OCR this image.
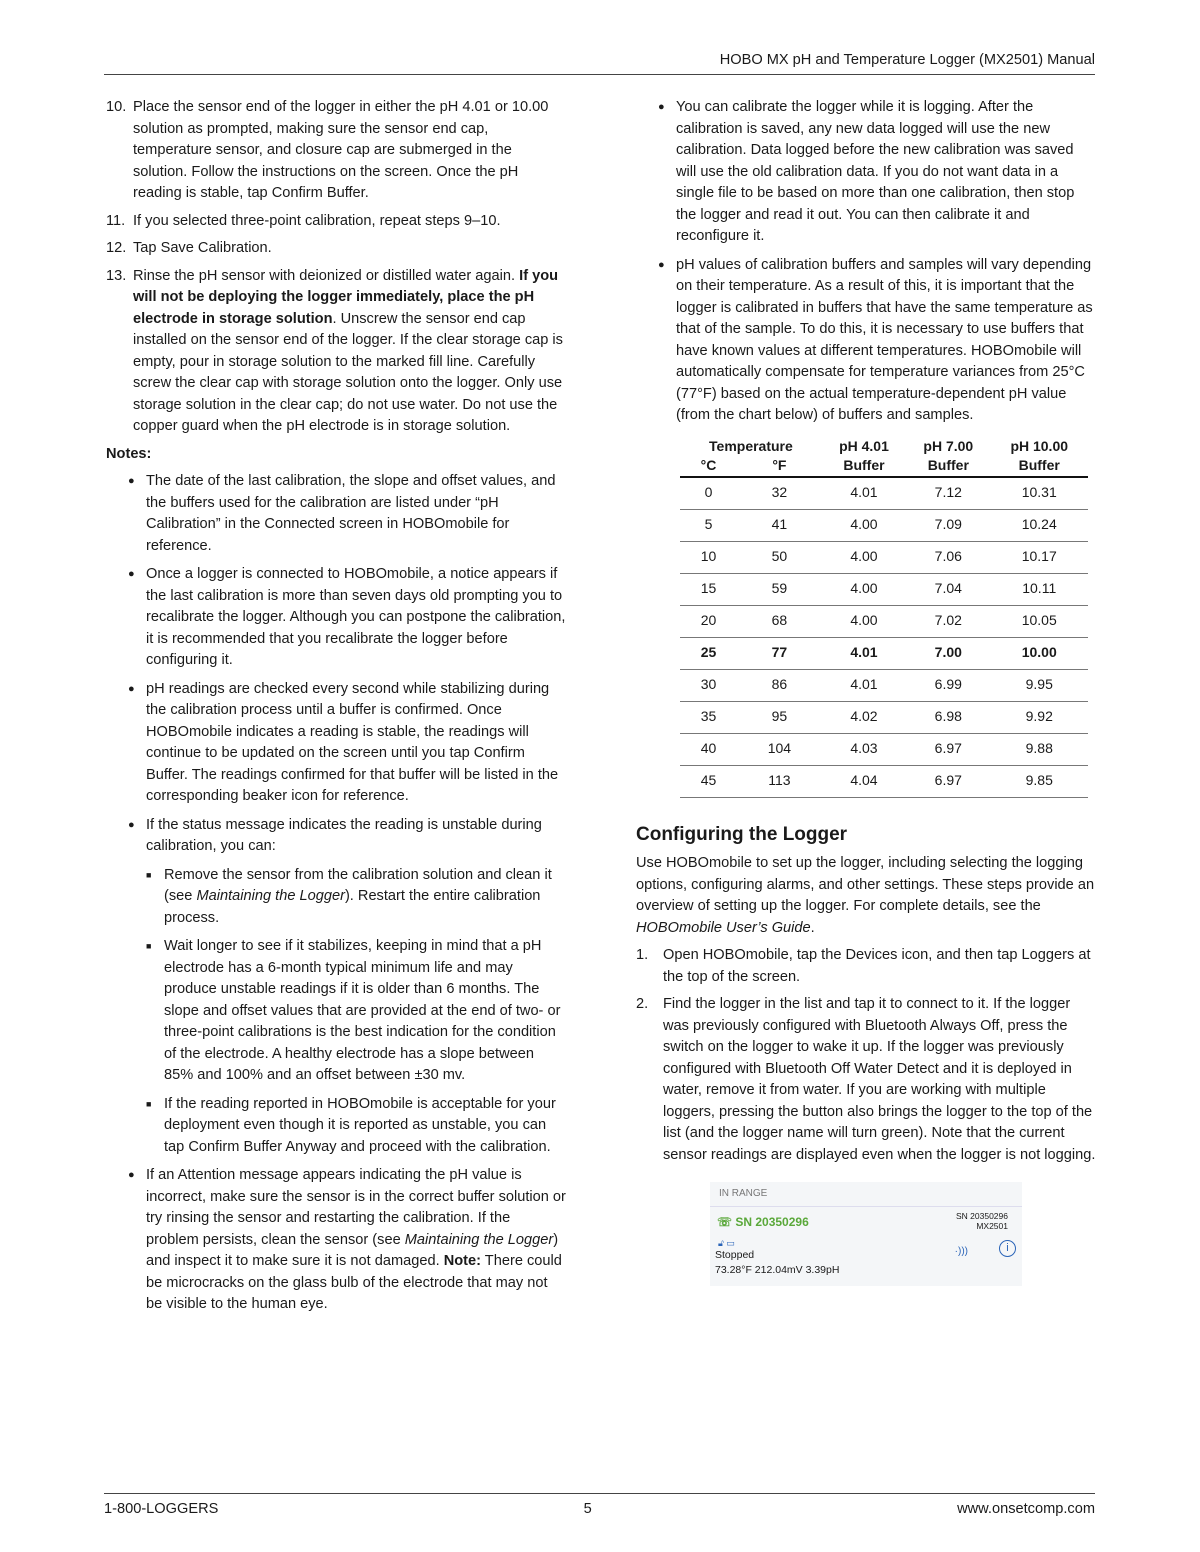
HOBO MX pH and Temperature Logger (MX2501) Manual
10. Place the sensor end of the logger in either the pH 4.01 or 10.00 solution as prompted, making sure the sensor end cap, temperature sensor, and closure cap are submerged in the solution. Follow the instructions on the screen. Once the pH reading is stable, tap Confirm Buffer.
11. If you selected three-point calibration, repeat steps 9–10.
12. Tap Save Calibration.
13. Rinse the pH sensor with deionized or distilled water again. If you will not be deploying the logger immediately, place the pH electrode in storage solution. Unscrew the sensor end cap installed on the sensor end of the logger. If the clear storage cap is empty, pour in storage solution to the marked fill line. Carefully screw the clear cap with storage solution onto the logger. Only use storage solution in the clear cap; do not use water. Do not use the copper guard when the pH electrode is in storage solution.
Notes:
● The date of the last calibration, the slope and offset values, and the buffers used for the calibration are listed under “pH Calibration” in the Connected screen in HOBOmobile for reference.
● Once a logger is connected to HOBOmobile, a notice appears if the last calibration is more than seven days old prompting you to recalibrate the logger. Although you can postpone the calibration, it is recommended that you recalibrate the logger before configuring it.
● pH readings are checked every second while stabilizing during the calibration process until a buffer is confirmed. Once HOBOmobile indicates a reading is stable, the readings will continue to be updated on the screen until you tap Confirm Buffer. The readings confirmed for that buffer will be listed in the corresponding beaker icon for reference.
● If the status message indicates the reading is unstable during calibration, you can:
■ Remove the sensor from the calibration solution and clean it (see Maintaining the Logger). Restart the entire calibration process.
■ Wait longer to see if it stabilizes, keeping in mind that a pH electrode has a 6-month typical minimum life and may produce unstable readings if it is older than 6 months. The slope and offset values that are provided at the end of two- or three-point calibrations is the best indication for the condition of the electrode. A healthy electrode has a slope between 85% and 100% and an offset between ±30 mv.
■ If the reading reported in HOBOmobile is acceptable for your deployment even though it is reported as unstable, you can tap Confirm Buffer Anyway and proceed with the calibration.
● If an Attention message appears indicating the pH value is incorrect, make sure the sensor is in the correct buffer solution or try rinsing the sensor and restarting the calibration. If the problem persists, clean the sensor (see Maintaining the Logger) and inspect it to make sure it is not damaged. Note: There could be microcracks on the glass bulb of the electrode that may not be visible to the human eye.
● You can calibrate the logger while it is logging. After the calibration is saved, any new data logged will use the new calibration. Data logged before the new calibration was saved will use the old calibration data. If you do not want data in a single file to be based on more than one calibration, then stop the logger and read it out. You can then calibrate it and reconfigure it.
● pH values of calibration buffers and samples will vary depending on their temperature. As a result of this, it is important that the logger is calibrated in buffers that have the same temperature as that of the sample. To do this, it is necessary to use buffers that have known values at different temperatures. HOBOmobile will automatically compensate for temperature variances from 25°C (77°F) based on the actual temperature-dependent pH value (from the chart below) of buffers and samples.
Temperature		pH 4.01	pH 7.00	pH 10.00
°C	°F	Buffer	Buffer	Buffer
0	32	4.01	7.12	10.31
5	41	4.00	7.09	10.24
10	50	4.00	7.06	10.17
15	59	4.00	7.04	10.11
20	68	4.00	7.02	10.05
25	77	4.01	7.00	10.00
30	86	4.01	6.99	9.95
35	95	4.02	6.98	9.92
40	104	4.03	6.97	9.88
45	113	4.04	6.97	9.85
Configuring the Logger
Use HOBOmobile to set up the logger, including selecting the logging options, configuring alarms, and other settings. These steps provide an overview of setting up the logger. For complete details, see the HOBOmobile User’s Guide.
1.	Open HOBOmobile, tap the Devices icon, and then tap Loggers at the top of the screen.
2.	Find the logger in the list and tap it to connect to it. If the logger was previously configured with Bluetooth Always Off, press the switch on the logger to wake it up. If the logger was previously configured with Bluetooth Off Water Detect and it is deployed in water, remove it from water. If you are working with multiple loggers, pressing the button also brings the logger to the top of the list (and the logger name will turn green). Note that the current sensor readings are displayed even when the logger is not logging.
IN RANGE
☏ SN 20350296	SN 20350296
MX2501
🔓︎ ▭
Stopped
73.28°F 212.04mV 3.39pH
·)))	i
1-800-LOGGERS	5	www.onsetcomp.com
